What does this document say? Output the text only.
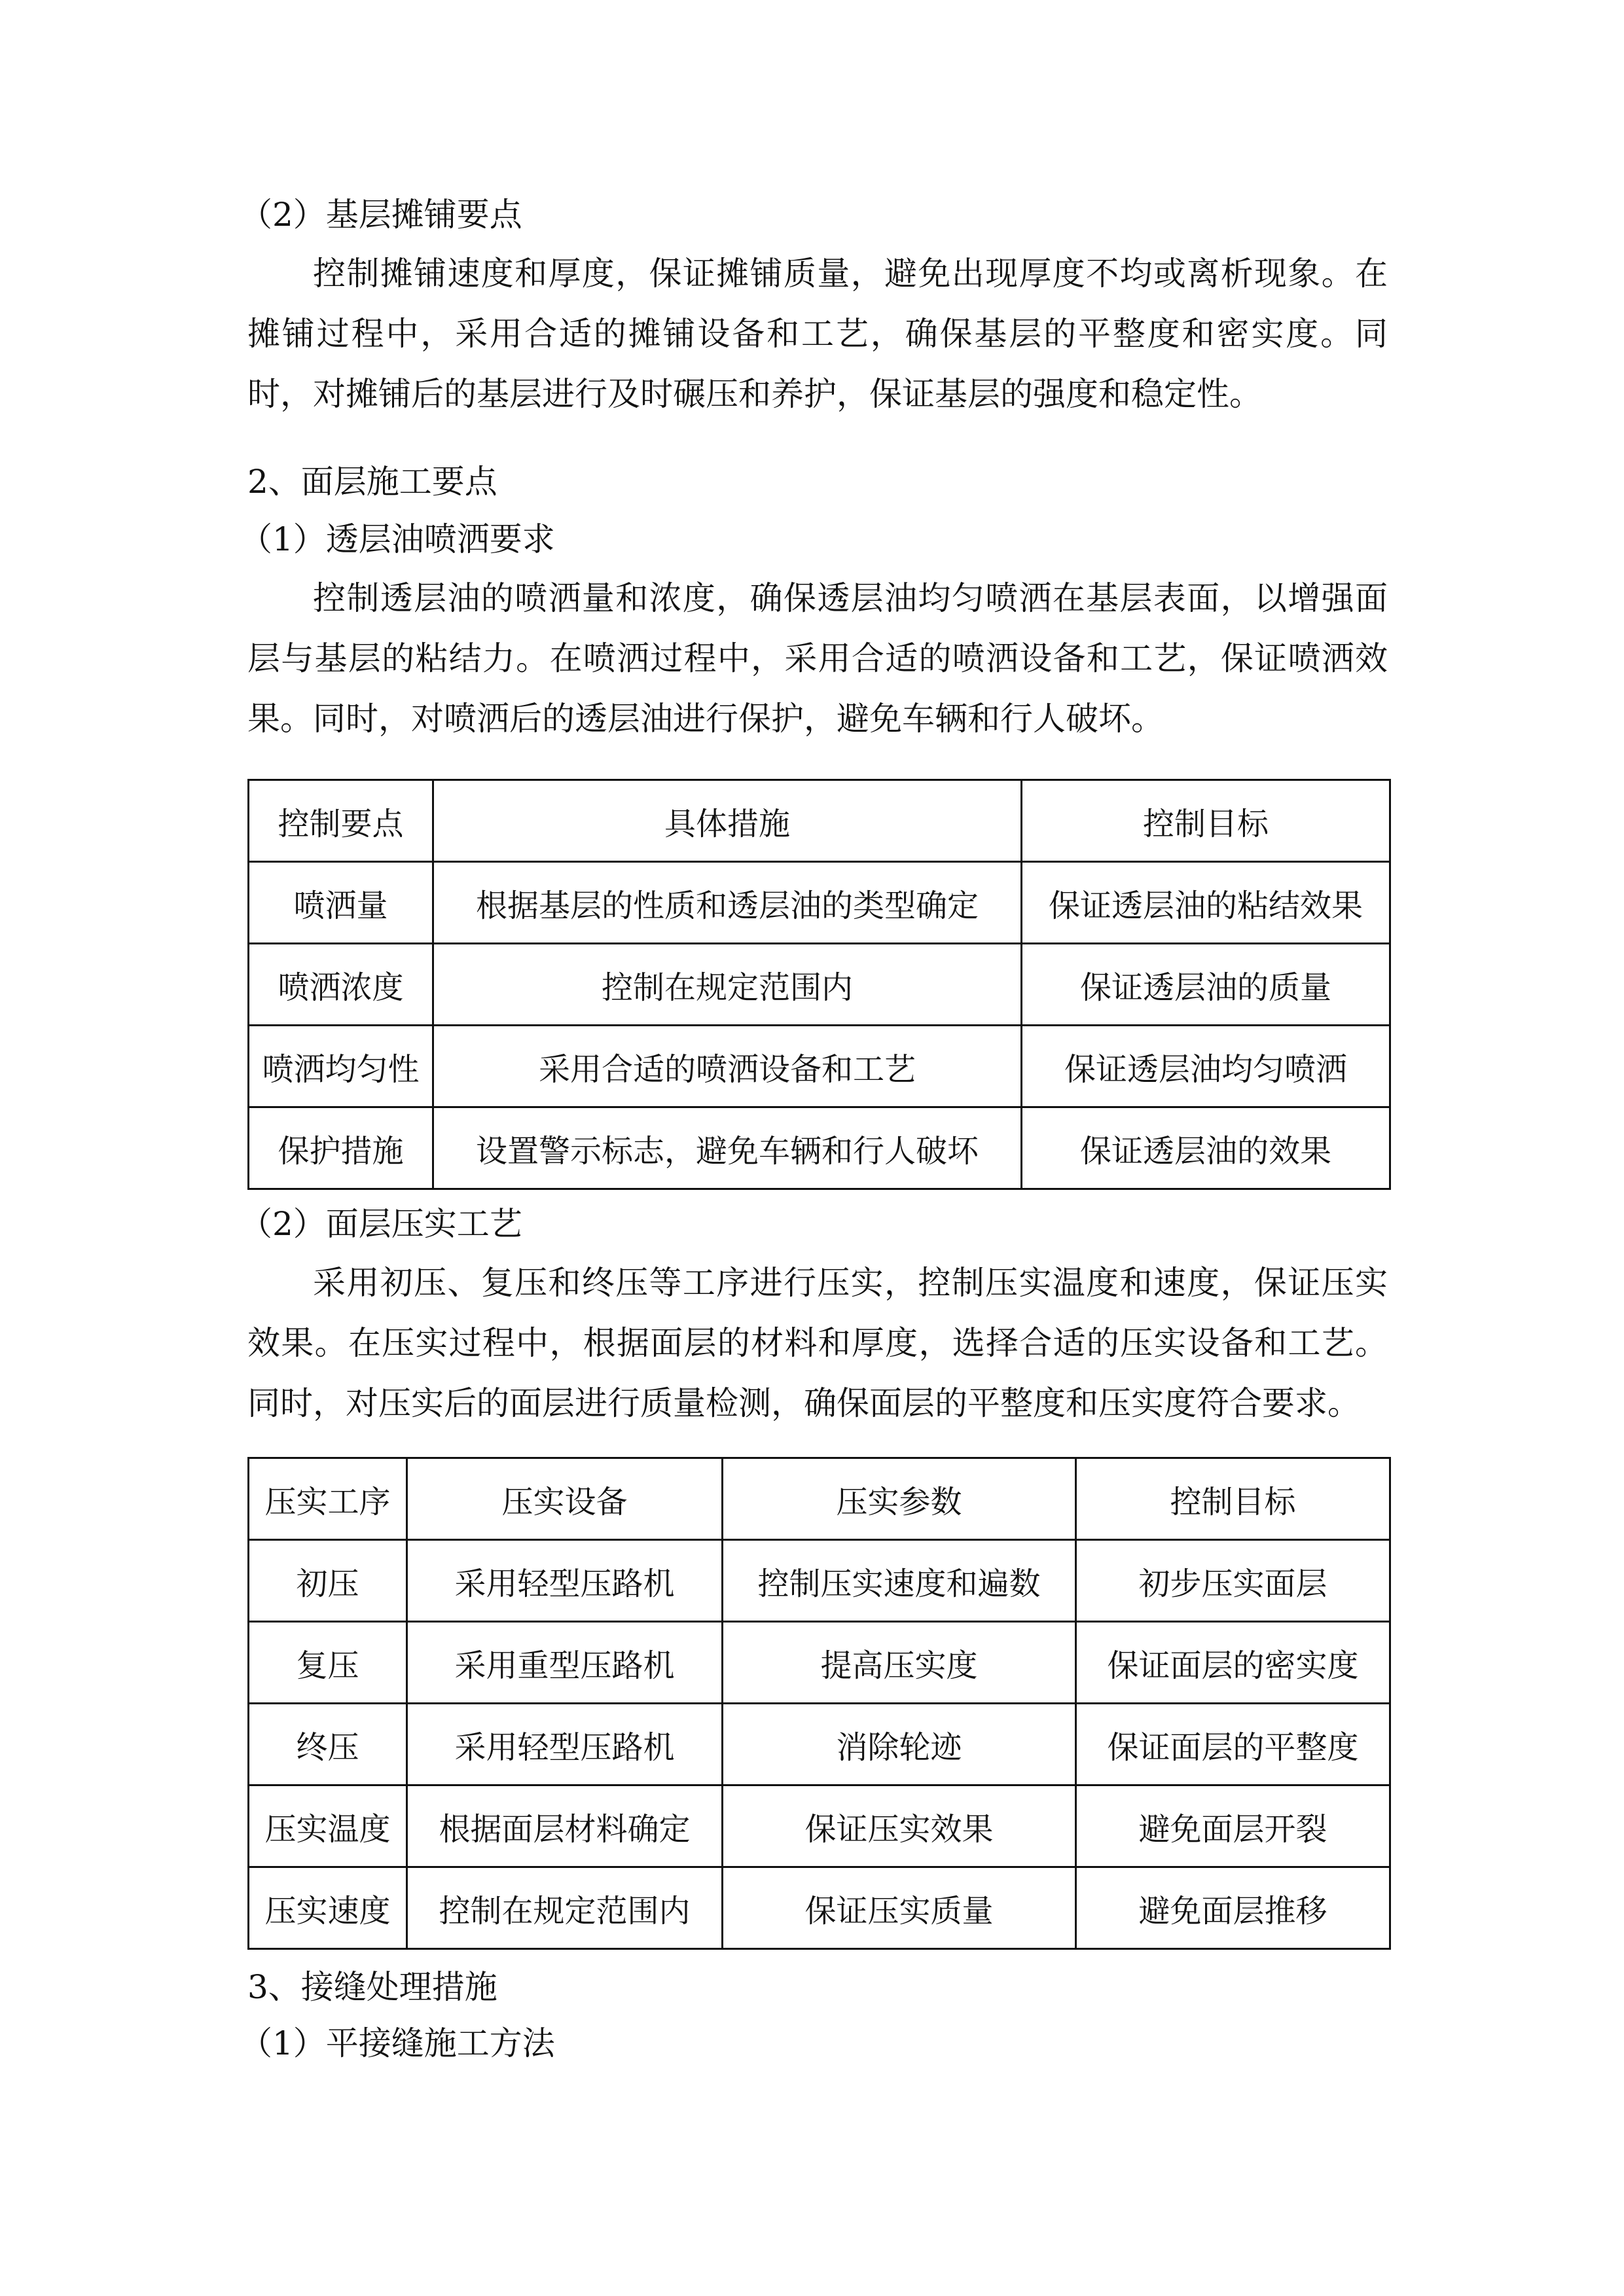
（2）基层摊铺要点

控制摊铺速度和厚度，保证摊铺质量，避免出现厚度不均或离析现象。在
摊铺过程中，采用合适的摊铺设备和工艺，确保基层的平整度和密实度。同
时，对摊铺后的基层进行及时碾压和养护，保证基层的强度和稳定性。

2、面层施工要点

（1）透层油喷洒要求

控制透层油的喷洒量和浓度，确保透层油均匀喷洒在基层表面，以增强面
层与基层的粘结力。在喷洒过程中，采用合适的喷洒设备和工艺，保证喷洒效
果。同时，对喷洒后的透层油进行保护，避免车辆和行人破坏。
控制要点	具体措施	控制目标
喷洒量	根据基层的性质和透层油的类型确定	保证透层油的粘结效果
喷洒浓度	控制在规定范围内	保证透层油的质量
喷洒均匀性	采用合适的喷洒设备和工艺	保证透层油均匀喷洒
保护措施	设置警示标志，避免车辆和行人破坏	保证透层油的效果

（2）面层压实工艺

采用初压、复压和终压等工序进行压实，控制压实温度和速度，保证压实
效果。在压实过程中，根据面层的材料和厚度，选择合适的压实设备和工艺。
同时，对压实后的面层进行质量检测，确保面层的平整度和压实度符合要求。
压实工序	压实设备	压实参数	控制目标
初压	采用轻型压路机	控制压实速度和遍数	初步压实面层
复压	采用重型压路机	提高压实度	保证面层的密实度
终压	采用轻型压路机	消除轮迹	保证面层的平整度
压实温度	根据面层材料确定	保证压实效果	避免面层开裂
压实速度	控制在规定范围内	保证压实质量	避免面层推移

3、接缝处理措施

（1）平接缝施工方法
